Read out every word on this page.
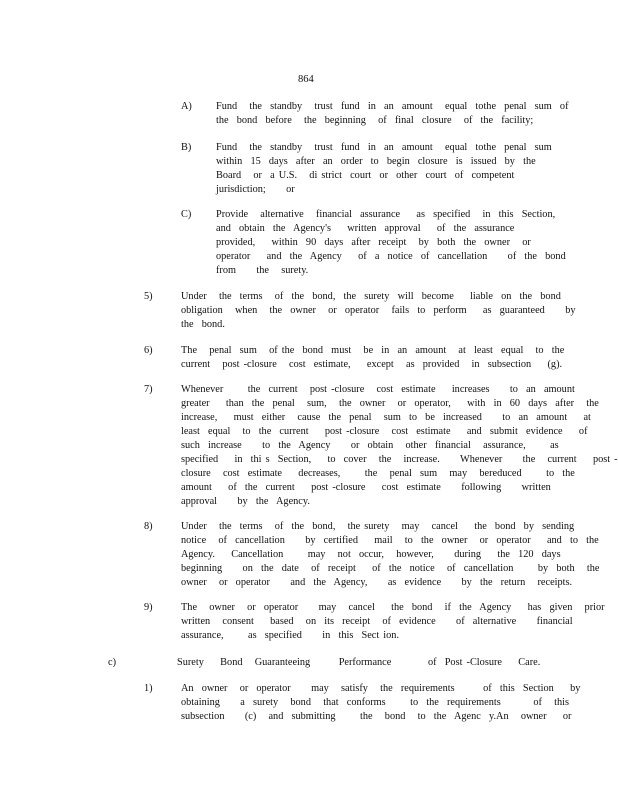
864
A) Fund   the  standby   trust  fund  in  an  amount   equal  tothe  penal  sum  of
the  bond  before   the  beginning   of  final  closure   of  the  facility;
B) Fund   the  standby   trust  fund  in  an  amount   equal  tothe  penal  sum
within  15  days  after  an  order  to  begin  closure  is  issued  by  the
Board   or  a U.S.   di strict  court  or  other  court  of  competent
jurisdiction;     or
C) Provide   alternative   financial  assurance    as  specified   in  this  Section,
and  obtain  the  Agency's    written  approval    of  the  assurance
provided,    within  90  days  after  receipt   by  both  the  owner   or
operator    and  the  Agency    of  a  notice  of  cancellation     of  the  bond
from     the   surety.
5)	Under   the  terms   of  the  bond,  the  surety  will  become    liable  on  the  bond
obligation   when   the  owner   or  operator   fails  to  perform    as  guaranteed     by
the  bond.
6)	The   penal  sum   of the  bond  must   be  in  an  amount   at  least  equal   to  the
current   post -closure   cost  estimate,    except   as  provided   in  subsection    (g).
7)	Whenever      the  current   post -closure   cost  estimate    increases     to  an  amount
greater    than  the  penal   sum,   the  owner   or  operator,    with  in  60  days  after   the
increase,    must  either   cause  the  penal   sum  to  be  increased     to  an  amount    at
least  equal   to  the  current    post -closure   cost  estimate    and  submit  evidence    of
such  increase     to  the  Agency     or  obtain   other  financial   assurance,      as
specified    in  thi s  Section,    to  cover   the   increase.     Whenever     the   current    post -
closure   cost  estimate    decreases,      the   penal  sum   may   bereduced      to  the
amount    of  the  current    post -closure    cost  estimate     following     written
approval     by  the  Agency.
8)	Under   the  terms   of  the  bond,   the surety   may   cancel    the  bond  by  sending
notice   of  cancellation     by  certified    mail   to  the  owner   or  operator    and  to  the
Agency.    Cancellation      may   not  occur,   however,     during    the  120  days
beginning     on  the  date   of  receipt    of  the  notice   of  cancellation      by  both   the
owner   or  operator     and  the  Agency,     as  evidence     by  the  return   receipts.
9)	The   owner   or  operator     may   cancel    the  bond   if  the  Agency    has  given   prior
written   consent    based   on  its  receipt   of  evidence     of  alternative     financial
assurance,      as  specified     in  this  Sect ion.
c)	Surety    Bond   Guaranteeing       Performance         of  Post -Closure    Care.
1)	An  owner   or  operator     may   satisfy   the  requirements       of  this  Section    by
obtaining     a  surety   bond   that  conforms      to  the  requirements        of   this
subsection     (c)   and  submitting      the   bond   to  the  Agenc  y.An   owner    or
